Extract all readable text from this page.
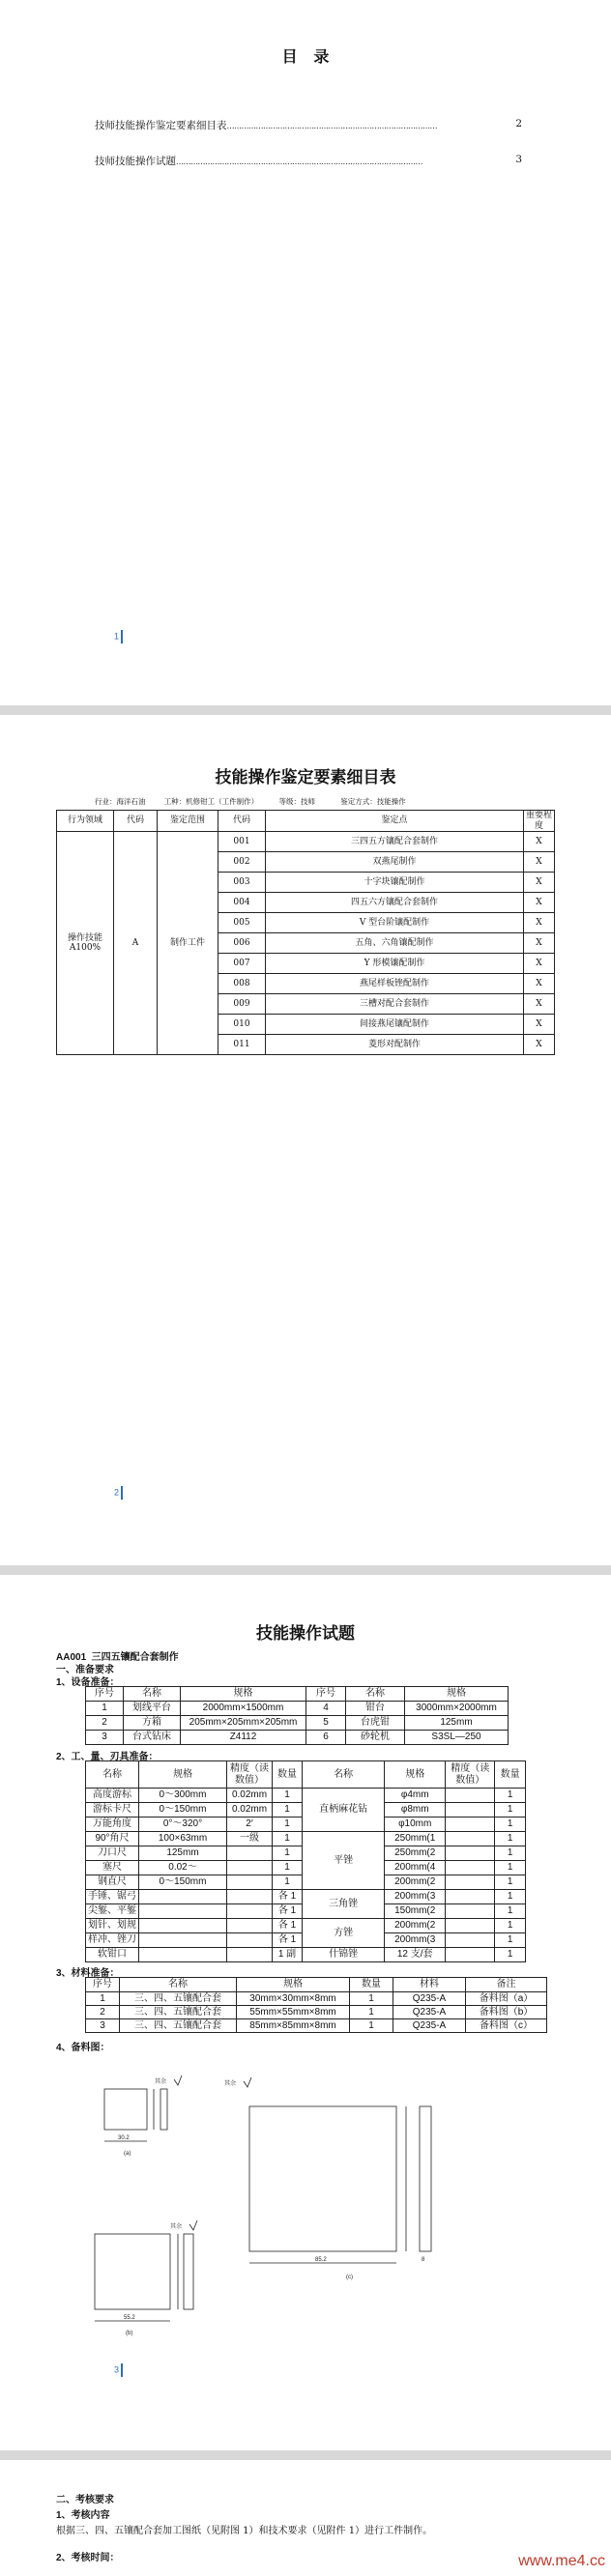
目   录
技师技能操作鉴定要素细目表……………………………………………………………………………	2
技师技能操作试题…………………………………………………………………………………………	3
1
技能操作鉴定要素细目表
行业：海洋石油        工种：机修钳工（工件制作）         等级：技师           鉴定方式：技能操作
行为领域	代码	鉴定范围	代码	鉴定点	重要程度
操作技能 A100%	A	制作工件	001	三四五方镶配合套制作	X
			002	双燕尾制作	X
			003	十字块镶配制作	X
			004	四五六方镶配合套制作	X
			005	V 型台阶镶配制作	X
			006	五角、六角镶配制作	X
			007	Y 形模镶配制作	X
			008	燕尾样板锉配制作	X
			009	三槽对配合套制作	X
			010	间接燕尾镶配制作	X
			011	菱形对配制作	X
2
技能操作试题
AA001  三四五镶配合套制作
一、准备要求
1、设备准备：
序号	名称	规格	序号	名称	规格
1	划线平台	2000mm×1500mm	4	钳台	3000mm×2000mm
2	方箱	205mm×205mm×205mm	5	台虎钳	125mm
3	台式钻床	Z4112	6	砂轮机	S3SL—250
2、工、量、刃具准备：
名称	规格	精度（读数值）	数量	名称	规格	精度（读数值）	数量
高度游标	0～300mm	0.02mm	1	直柄麻花钻	φ4mm		1
游标卡尺	0～150mm	0.02mm	1		φ8mm		1
万能角度	0°～320°	2′	1		φ10mm		1
90°角尺	100×63mm	一级	1	平锉	250mm(1		1
刀口尺	125mm		1		250mm(2		1
塞尺	0.02～		1		200mm(4		1
钢直尺	0～150mm		1		200mm(2		1
手锤、锯弓			各 1	三角锉	200mm(3		1
尖錾、平錾			各 1		150mm(2		1
划针、划规			各 1	方锉	200mm(2		1
样冲、锉刀			各 1		200mm(3		1
软钳口			1 副	什锦锉	12 支/套		1
3、材料准备：
序号	名称	规格	数量	材料	备注
1	三、四、五镶配合套	30mm×30mm×8mm	1	Q235-A	备料图（a）
2	三、四、五镶配合套	55mm×55mm×8mm	1	Q235-A	备料图（b）
3	三、四、五镶配合套	85mm×85mm×8mm	1	Q235-A	备料图（c）
4、备料图：
(a)
30.2
其余
(b)
55.2
其余
(c)
85.2
其余
8
3
二、考核要求
1、考核内容
根据三、四、五镶配合套加工图纸（见附图 1）和技术要求（见附件 1）进行工件制作。
2、考核时间：	www.me4.cc
